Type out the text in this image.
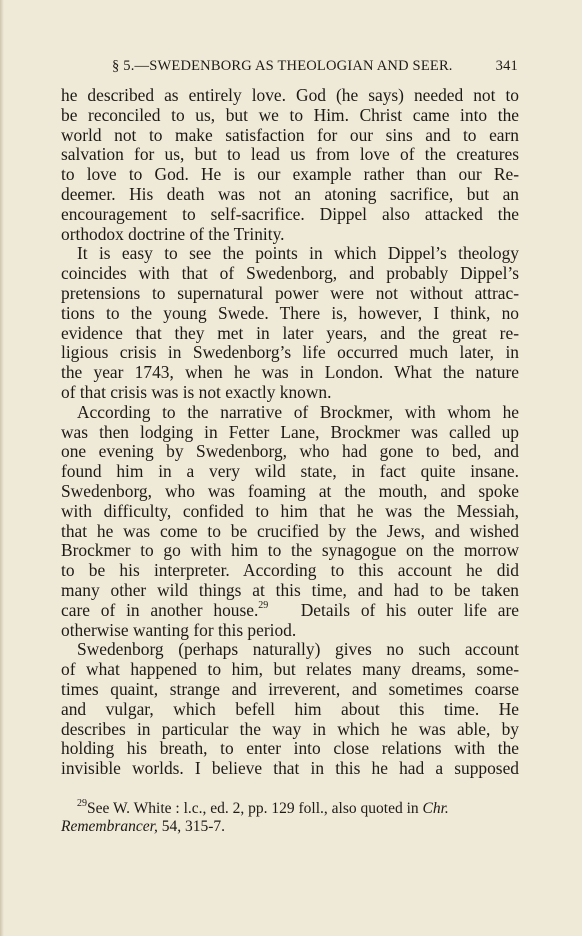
§ 5.—SWEDENBORG AS THEOLOGIAN AND SEER.	341
he described as entirely love. God (he says) needed not to
be reconciled to us, but we to Him. Christ came into the
world not to make satisfaction for our sins and to earn
salvation for us, but to lead us from love of the creatures
to love to God. He is our example rather than our Re-
deemer. His death was not an atoning sacrifice, but an
encouragement to self-sacrifice. Dippel also attacked the
orthodox doctrine of the Trinity.
It is easy to see the points in which Dippel’s theology
coincides with that of Swedenborg, and probably Dippel’s
pretensions to supernatural power were not without attrac-
tions to the young Swede. There is, however, I think, no
evidence that they met in later years, and the great re-
ligious crisis in Swedenborg’s life occurred much later, in
the year 1743, when he was in London. What the nature
of that crisis was is not exactly known.
According to the narrative of Brockmer, with whom he
was then lodging in Fetter Lane, Brockmer was called up
one evening by Swedenborg, who had gone to bed, and
found him in a very wild state, in fact quite insane.
Swedenborg, who was foaming at the mouth, and spoke
with difficulty, confided to him that he was the Messiah,
that he was come to be crucified by the Jews, and wished
Brockmer to go with him to the synagogue on the morrow
to be his interpreter. According to this account he did
many other wild things at this time, and had to be taken
care of in another house.$^{29}$ Details of his outer life are
otherwise wanting for this period.
Swedenborg (perhaps naturally) gives no such account
of what happened to him, but relates many dreams, some-
times quaint, strange and irreverent, and sometimes coarse
and vulgar, which befell him about this time. He
describes in particular the way in which he was able, by
holding his breath, to enter into close relations with the
invisible worlds. I believe that in this he had a supposed
$^{29}$See W. White : l.c., ed. 2, pp. 129 foll., also quoted in Chr.
Remembrancer, 54, 315-7.
